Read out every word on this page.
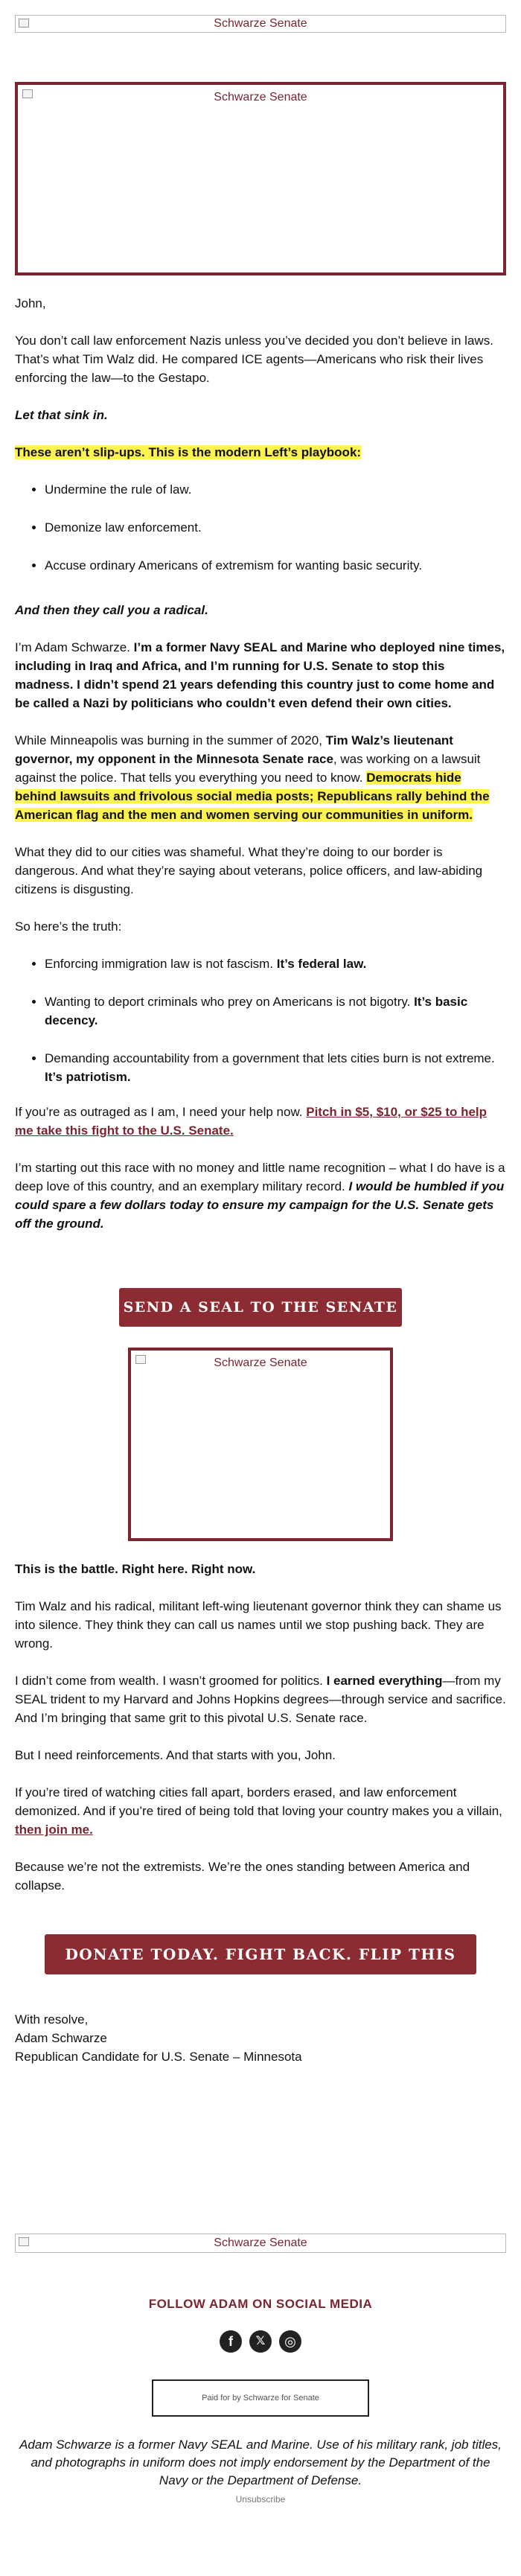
Schwarze Senate
Schwarze Senate

John,

You don’t call law enforcement Nazis unless you’ve decided you don’t believe in laws. That’s what Tim Walz did. He compared ICE agents—Americans who risk their lives enforcing the law—to the Gestapo.

Let that sink in.

These aren’t slip-ups. This is the modern Left’s playbook:

• Undermine the rule of law.
• Demonize law enforcement.
• Accuse ordinary Americans of extremism for wanting basic security.

And then they call you a radical.

I’m Adam Schwarze. I’m a former Navy SEAL and Marine who deployed nine times, including in Iraq and Africa, and I’m running for U.S. Senate to stop this madness. I didn’t spend 21 years defending this country just to come home and be called a Nazi by politicians who couldn’t even defend their own cities.

While Minneapolis was burning in the summer of 2020, Tim Walz’s lieutenant governor, my opponent in the Minnesota Senate race, was working on a lawsuit against the police. That tells you everything you need to know. Democrats hide behind lawsuits and frivolous social media posts; Republicans rally behind the American flag and the men and women serving our communities in uniform.

What they did to our cities was shameful. What they’re doing to our border is dangerous. And what they’re saying about veterans, police officers, and law-abiding citizens is disgusting.

So here’s the truth:

• Enforcing immigration law is not fascism. It’s federal law.
• Wanting to deport criminals who prey on Americans is not bigotry. It’s basic decency.
• Demanding accountability from a government that lets cities burn is not extreme. It’s patriotism.

If you’re as outraged as I am, I need your help now. Pitch in $5, $10, or $25 to help me take this fight to the U.S. Senate.

I’m starting out this race with no money and little name recognition – what I do have is a deep love of this country, and an exemplary military record. I would be humbled if you could spare a few dollars today to ensure my campaign for the U.S. Senate gets off the ground.

SEND A SEAL TO THE SENATE
Schwarze Senate

This is the battle. Right here. Right now.

Tim Walz and his radical, militant left-wing lieutenant governor think they can shame us into silence. They think they can call us names until we stop pushing back. They are wrong.

I didn’t come from wealth. I wasn’t groomed for politics. I earned everything—from my SEAL trident to my Harvard and Johns Hopkins degrees—through service and sacrifice. And I’m bringing that same grit to this pivotal U.S. Senate race.

But I need reinforcements. And that starts with you, John.

If you’re tired of watching cities fall apart, borders erased, and law enforcement demonized. And if you’re tired of being told that loving your country makes you a villain, then join me.

Because we’re not the extremists. We’re the ones standing between America and collapse.

DONATE TODAY. FIGHT BACK. FLIP THIS SEAT.

With resolve,

Adam Schwarze

Republican Candidate for U.S. Senate – Minnesota

Schwarze Senate
FOLLOW ADAM ON SOCIAL MEDIA
f	𝕏	◎
Paid for by Schwarze for Senate
Adam Schwarze is a former Navy SEAL and Marine. Use of his military rank, job titles, and photographs in uniform does not imply endorsement by the Department of the Navy or the Department of Defense.
Unsubscribe
